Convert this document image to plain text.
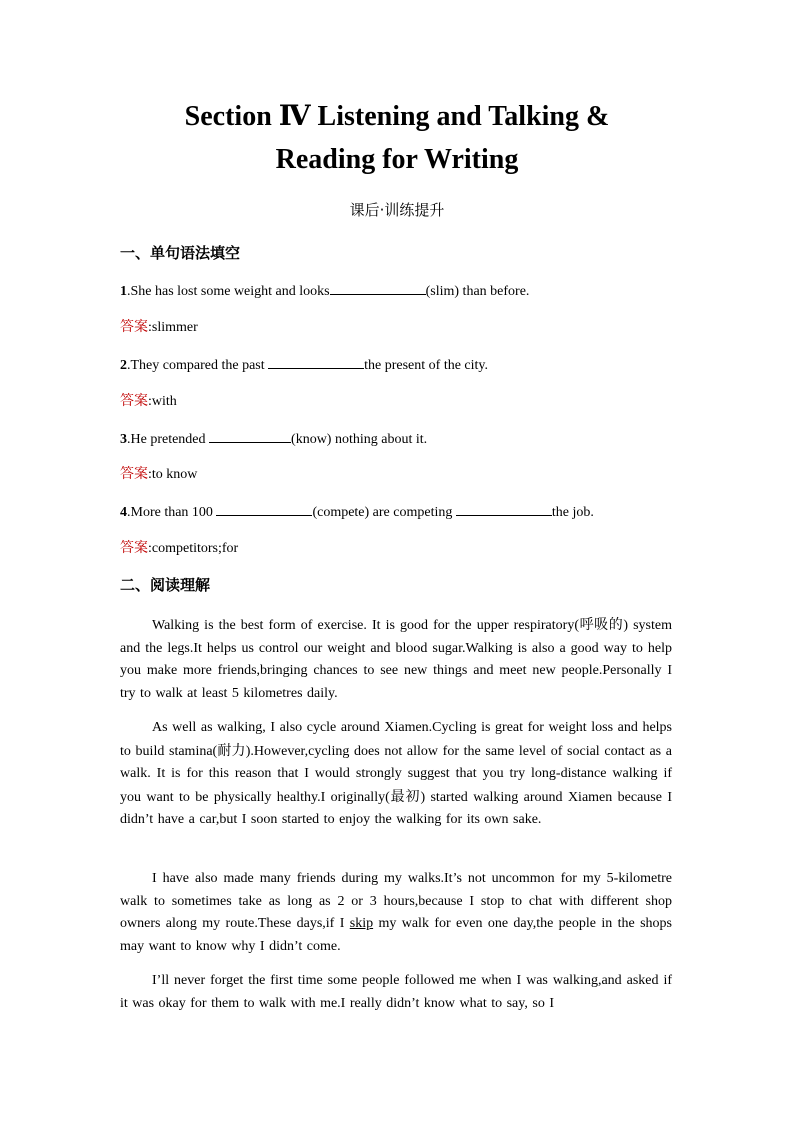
Section Ⅳ Listening and Talking &
Reading for Writing
课后·训练提升
一、单句语法填空
1.She has lost some weight and looks	(slim) than before.
答案:slimmer
2.They compared the past	the present of the city.
答案:with
3.He pretended	(know) nothing about it.
答案:to know
4.More than 100	(compete) are competing	the job.
答案:competitors;for
二、阅读理解

Walking is the best form of exercise. It is good for the upper respiratory(呼吸的) system and the legs.It helps us control our weight and blood sugar.Walking is also a good way to help you make more friends,bringing chances to see new things and meet new people.Personally I try to walk at least 5 kilometres daily.

As well as walking, I also cycle around Xiamen.Cycling is great for weight loss and helps to build stamina(耐力).However,cycling does not allow for the same level of social contact as a walk. It is for this reason that I would strongly suggest that you try long-distance walking if you want to be physically healthy.I originally(最初) started walking around Xiamen because I didn’t have a car,but I soon started to enjoy the walking for its own sake.

I have also made many friends during my walks.It’s not uncommon for my 5-kilometre walk to sometimes take as long as 2 or 3 hours,because I stop to chat with different shop owners along my route.These days,if I skip my walk for even one day,the people in the shops may want to know why I didn’t come.

I’ll never forget the first time some people followed me when I was walking,and asked if it was okay for them to walk with me.I really didn’t know what to say, so I
